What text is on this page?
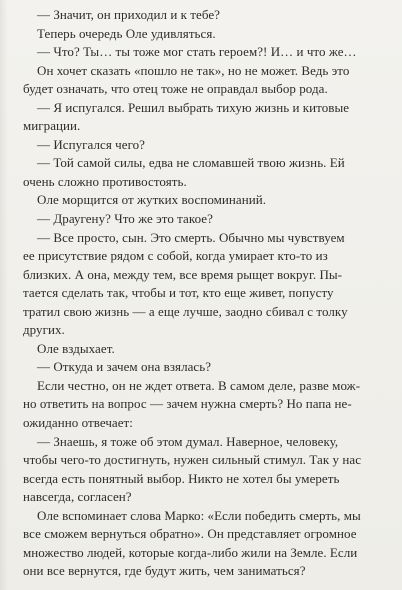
— Значит, он приходил и к тебе?
Теперь очередь Оле удивляться.
— Что? Ты… ты тоже мог стать героем?! И… и что же…
Он хочет сказать «пошло не так», но не может. Ведь это
будет означать, что отец тоже не оправдал выбор рода.
— Я испугался. Решил выбрать тихую жизнь и китовые
миграции.
— Испугался чего?
— Той самой силы, едва не сломавшей твою жизнь. Ей
очень сложно противостоять.
Оле морщится от жутких воспоминаний.
— Драугену? Что же это такое?
— Все просто, сын. Это смерть. Обычно мы чувствуем
ее присутствие рядом с собой, когда умирает кто-то из
близких. А она, между тем, все время рыщет вокруг. Пы-
тается сделать так, чтобы и тот, кто еще живет, попусту
тратил свою жизнь — а еще лучше, заодно сбивал с толку
других.
Оле вздыхает.
— Откуда и зачем она взялась?
Если честно, он не ждет ответа. В самом деле, разве мож-
но ответить на вопрос — зачем нужна смерть? Но папа не-
ожиданно отвечает:
— Знаешь, я тоже об этом думал. Наверное, человеку,
чтобы чего-то достигнуть, нужен сильный стимул. Так у нас
всегда есть понятный выбор. Никто не хотел бы умереть
навсегда, согласен?
Оле вспоминает слова Марко: «Если победить смерть, мы
все сможем вернуться обратно». Он представляет огромное
множество людей, которые когда-либо жили на Земле. Если
они все вернутся, где будут жить, чем заниматься?
